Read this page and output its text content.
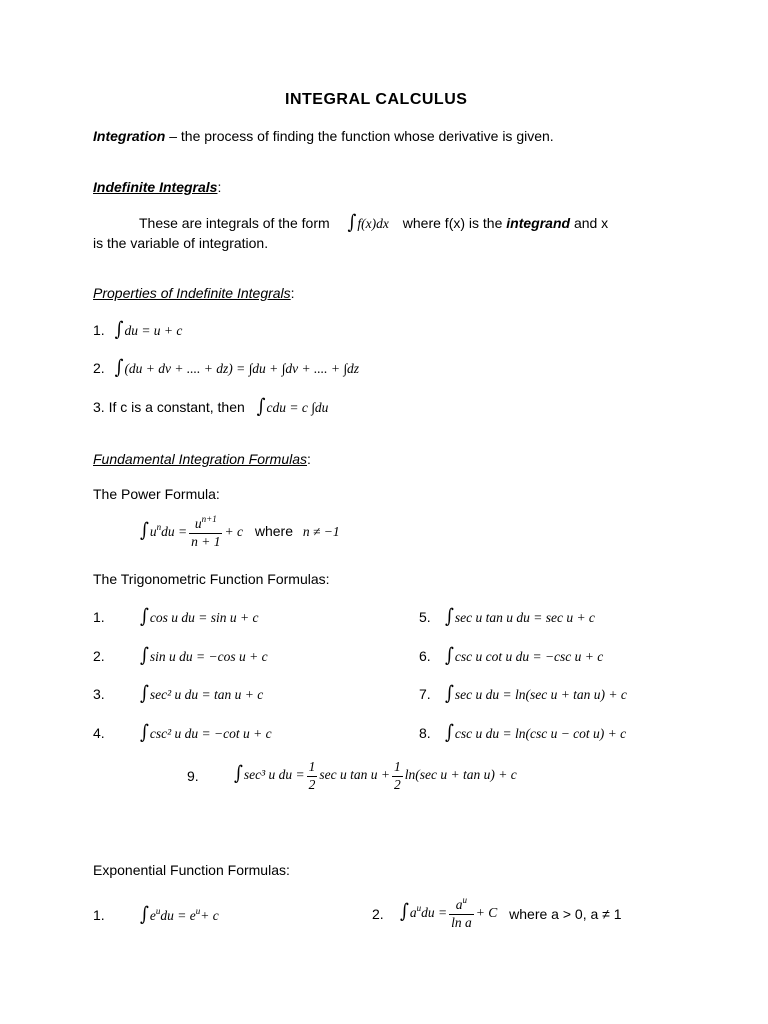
INTEGRAL CALCULUS
Integration – the process of finding the function whose derivative is given.
Indefinite Integrals:
These are integrals of the form ∫f(x)dx where f(x) is the integrand and x
is the variable of integration.
Properties of Indefinite Integrals:
1. ∫du = u + c
2. ∫(du + dv + .... + dz) = ∫du + ∫dv + .... + ∫dz
3. If c is a constant, then ∫cdu = c ∫du
Fundamental Integration Formulas:
The Power Formula:
$\int u^ndu = \frac{u^{n+1}}{n + 1} + c$ where n ≠ −1
The Trigonometric Function Formulas:
1. ∫cos u du = sin u + c
2. ∫sin u du = −cos u + c
3. ∫sec² u du = tan u + c
4. ∫csc² u du = −cot u + c
5. ∫sec u tan u du = sec u + c
6. ∫csc u cot u du = −csc u + c
7. ∫sec u du = ln(sec u + tan u) + c
8. ∫csc u du = ln(csc u − cot u) + c
9. ∫sec³ u du = $\frac{1}{2}$ sec u $\tan u + \frac{1}{2} \ln(\sec$ u + tan u) + c
Exponential Function Formulas:
1. $\int e^udu = e^u+ c$	2. $\int a^udu = \frac{a^u}{\text{ln a}} + C$ where a > 0, a ≠ 1
